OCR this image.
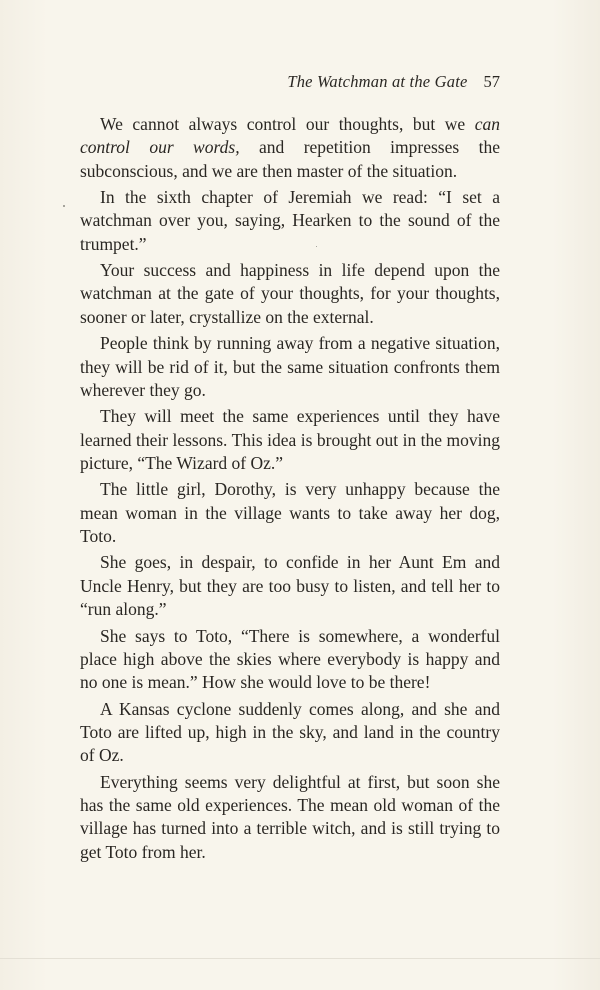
The Watchman at the Gate 57

We cannot always control our thoughts, but we can control our words, and repetition impresses the subconscious, and we are then master of the situation.

In the sixth chapter of Jeremiah we read: “I set a watchman over you, saying, Hearken to the sound of the trumpet.”

Your success and happiness in life depend upon the watchman at the gate of your thoughts, for your thoughts, sooner or later, crystallize on the external.

People think by running away from a negative situation, they will be rid of it, but the same situation confronts them wherever they go.

They will meet the same experiences until they have learned their lessons. This idea is brought out in the moving picture, “The Wizard of Oz.”

The little girl, Dorothy, is very unhappy because the mean woman in the village wants to take away her dog, Toto.

She goes, in despair, to confide in her Aunt Em and Uncle Henry, but they are too busy to listen, and tell her to “run along.”

She says to Toto, “There is somewhere, a wonderful place high above the skies where everybody is happy and no one is mean.” How she would love to be there!

A Kansas cyclone suddenly comes along, and she and Toto are lifted up, high in the sky, and land in the country of Oz.

Everything seems very delightful at first, but soon she has the same old experiences. The mean old woman of the village has turned into a terrible witch, and is still trying to get Toto from her.
